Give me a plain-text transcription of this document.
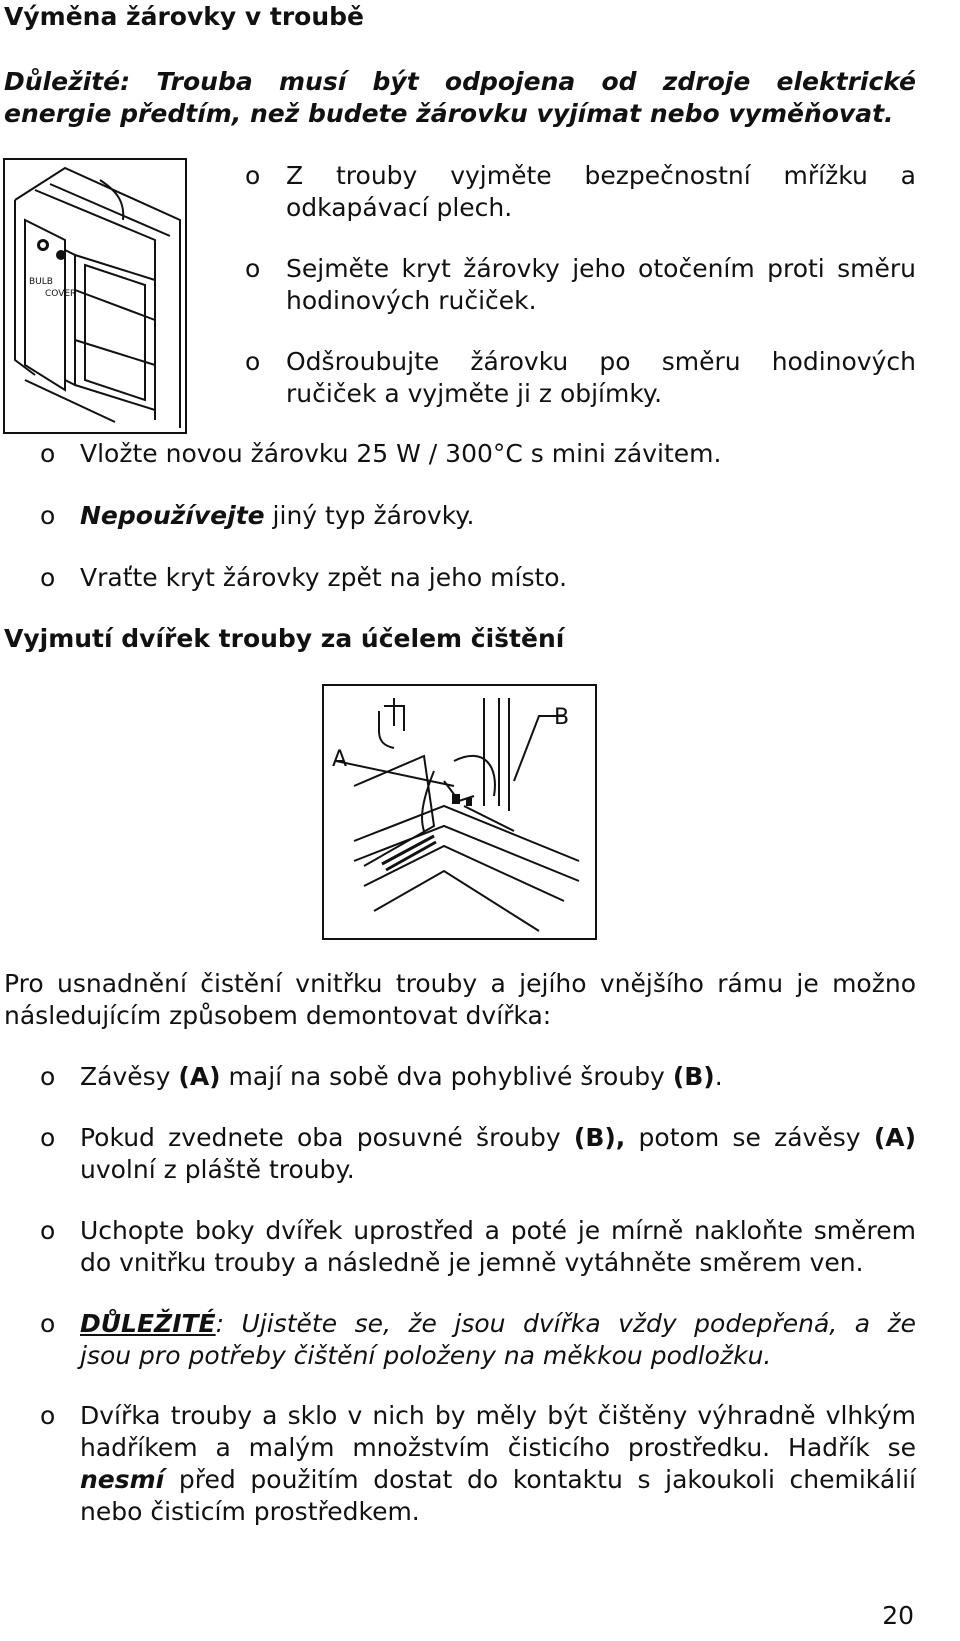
Výměna žárovky v troubě
Důležité: Trouba musí být odpojena od zdroje elektrické
energie předtím, než budete žárovku vyjímat nebo vyměňovat.
BULB
COVER
o Z trouby vyjměte bezpečnostní mřížku a
odkapávací plech.
o Sejměte kryt žárovky jeho otočením proti směru
hodinových ručiček.
o Odšroubujte žárovku po směru hodinových
ručiček a vyjměte ji z objímky.
o Vložte novou žárovku 25 W / 300°C s mini závitem.
o Nepoužívejte jiný typ žárovky.
o Vraťte kryt žárovky zpět na jeho místo.
Vyjmutí dvířek trouby za účelem čištění
A
B
Pro usnadnění čistění vnitřku trouby a jejího vnějšího rámu je možno
následujícím způsobem demontovat dvířka:
o Závěsy (A) mají na sobě dva pohyblivé šrouby (B).
o Pokud zvednete oba posuvné šrouby (B), potom se závěsy (A)
uvolní z pláště trouby.
o Uchopte boky dvířek uprostřed a poté je mírně nakloňte směrem
do vnitřku trouby a následně je jemně vytáhněte směrem ven.
o DŮLEŽITÉ: Ujistěte se, že jsou dvířka vždy podepřená, a že
jsou pro potřeby čištění položeny na měkkou podložku.
o Dvířka trouby a sklo v nich by měly být čištěny výhradně vlhkým
hadříkem a malým množstvím čisticího prostředku. Hadřík se
nesmí před použitím dostat do kontaktu s jakoukoli chemikálií
nebo čisticím prostředkem.
20
